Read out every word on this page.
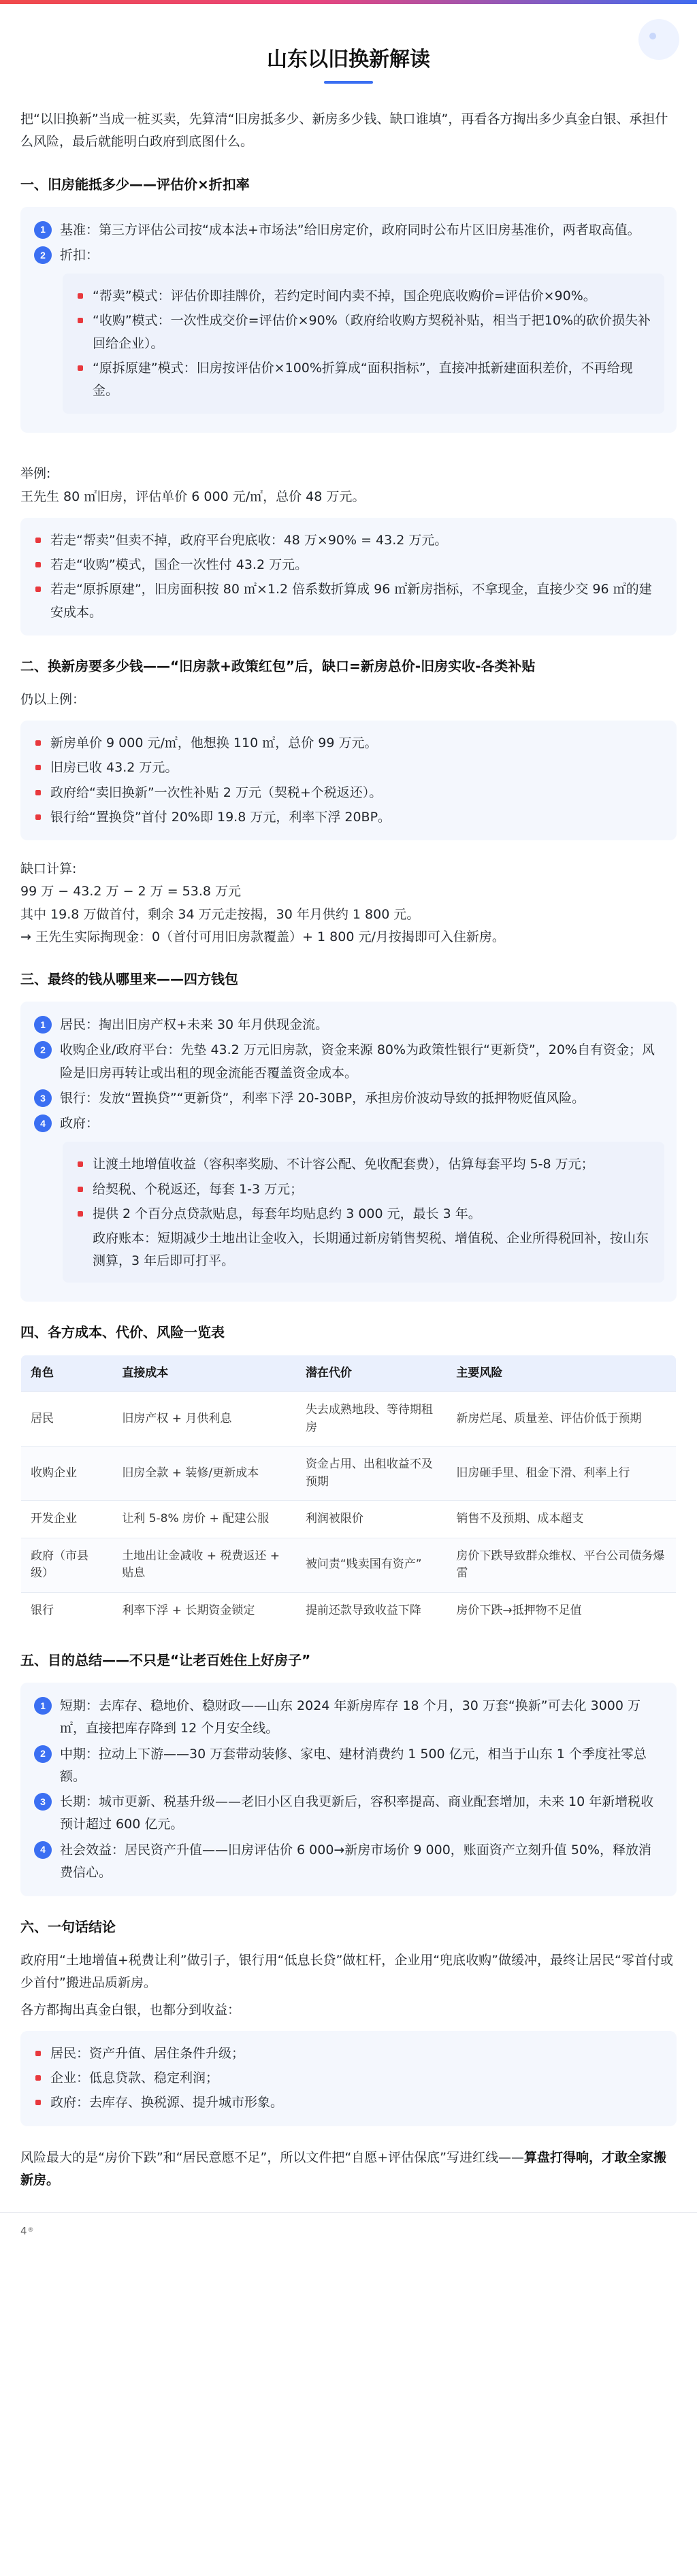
山东以旧换新解读

把“以旧换新”当成一桩买卖，先算清“旧房抵多少、新房多少钱、缺口谁填”，再看各方掏出多少真金白银、承担什么风险，最后就能明白政府到底图什么。

一、旧房能抵多少——评估价×折扣率
1	基准：第三方评估公司按“成本法+市场法”给旧房定价，政府同时公布片区旧房基准价，两者取高值。
2	折扣：
“帮卖”模式：评估价即挂牌价，若约定时间内卖不掉，国企兜底收购价=评估价×90%。
“收购”模式：一次性成交价=评估价×90%（政府给收购方契税补贴，相当于把10%的砍价损失补回给企业）。
“原拆原建”模式：旧房按评估价×100%折算成“面积指标”，直接冲抵新建面积差价，不再给现金。

举例:

王先生 80 ㎡旧房，评估单价 6 000 元/㎡，总价 48 万元。

若走“帮卖”但卖不掉，政府平台兜底收：48 万×90% = 43.2 万元。
若走“收购”模式，国企一次性付 43.2 万元。
若走“原拆原建”，旧房面积按 80 ㎡×1.2 倍系数折算成 96 ㎡新房指标，不拿现金，直接少交 96 ㎡的建安成本。
二、换新房要多少钱——“旧房款+政策红包”后，缺口=新房总价-旧房实收-各类补贴

仍以上例：

新房单价 9 000 元/㎡，他想换 110 ㎡，总价 99 万元。
旧房已收 43.2 万元。
政府给“卖旧换新”一次性补贴 2 万元（契税+个税返还）。
银行给“置换贷”首付 20%即 19.8 万元，利率下浮 20BP。

缺口计算:

99 万 − 43.2 万 − 2 万 = 53.8 万元

其中 19.8 万做首付，剩余 34 万元走按揭，30 年月供约 1 800 元。

→ 王先生实际掏现金：0（首付可用旧房款覆盖）+ 1 800 元/月按揭即可入住新房。

三、最终的钱从哪里来——四方钱包
1	居民：掏出旧房产权+未来 30 年月供现金流。
2	收购企业/政府平台：先垫 43.2 万元旧房款，资金来源 80%为政策性银行“更新贷”，20%自有资金；风险是旧房再转让或出租的现金流能否覆盖资金成本。
3	银行：发放“置换贷”“更新贷”，利率下浮 20-30BP，承担房价波动导致的抵押物贬值风险。
4	政府：
让渡土地增值收益（容积率奖励、不计容公配、免收配套费），估算每套平均 5-8 万元；
给契税、个税返还，每套 1-3 万元；
提供 2 个百分点贷款贴息，每套年均贴息约 3 000 元，最长 3 年。

政府账本：短期减少土地出让金收入，长期通过新房销售契税、增值税、企业所得税回补，按山东测算，3 年后即可打平。

四、各方成本、代价、风险一览表
角色	直接成本	潜在代价	主要风险
居民	旧房产权 + 月供利息	失去成熟地段、等待期租房	新房烂尾、质量差、评估价低于预期
收购企业	旧房全款 + 装修/更新成本	资金占用、出租收益不及预期	旧房砸手里、租金下滑、利率上行
开发企业	让利 5-8% 房价 + 配建公服	利润被限价	销售不及预期、成本超支
政府（市县级）	土地出让金减收 + 税费返还 + 贴息	被问责“贱卖国有资产”	房价下跌导致群众维权、平台公司债务爆雷
银行	利率下浮 + 长期资金锁定	提前还款导致收益下降	房价下跌→抵押物不足值
五、目的总结——不只是“让老百姓住上好房子”
1	短期：去库存、稳地价、稳财政——山东 2024 年新房库存 18 个月，30 万套“换新”可去化 3000 万㎡，直接把库存降到 12 个月安全线。
2	中期：拉动上下游——30 万套带动装修、家电、建材消费约 1 500 亿元，相当于山东 1 个季度社零总额。
3	长期：城市更新、税基升级——老旧小区自我更新后，容积率提高、商业配套增加，未来 10 年新增税收预计超过 600 亿元。
4	社会效益：居民资产升值——旧房评估价 6 000→新房市场价 9 000，账面资产立刻升值 50%，释放消费信心。
六、一句话结论

政府用“土地增值+税费让利”做引子，银行用“低息长贷”做杠杆，企业用“兜底收购”做缓冲，最终让居民“零首付或少首付”搬进品质新房。

各方都掏出真金白银，也都分到收益：

居民：资产升值、居住条件升级；
企业：低息贷款、稳定利润；
政府：去库存、换税源、提升城市形象。

风险最大的是“房价下跌”和“居民意愿不足”，所以文件把“自愿+评估保底”写进红线——算盘打得响，才敢全家搬新房。

4 ®
